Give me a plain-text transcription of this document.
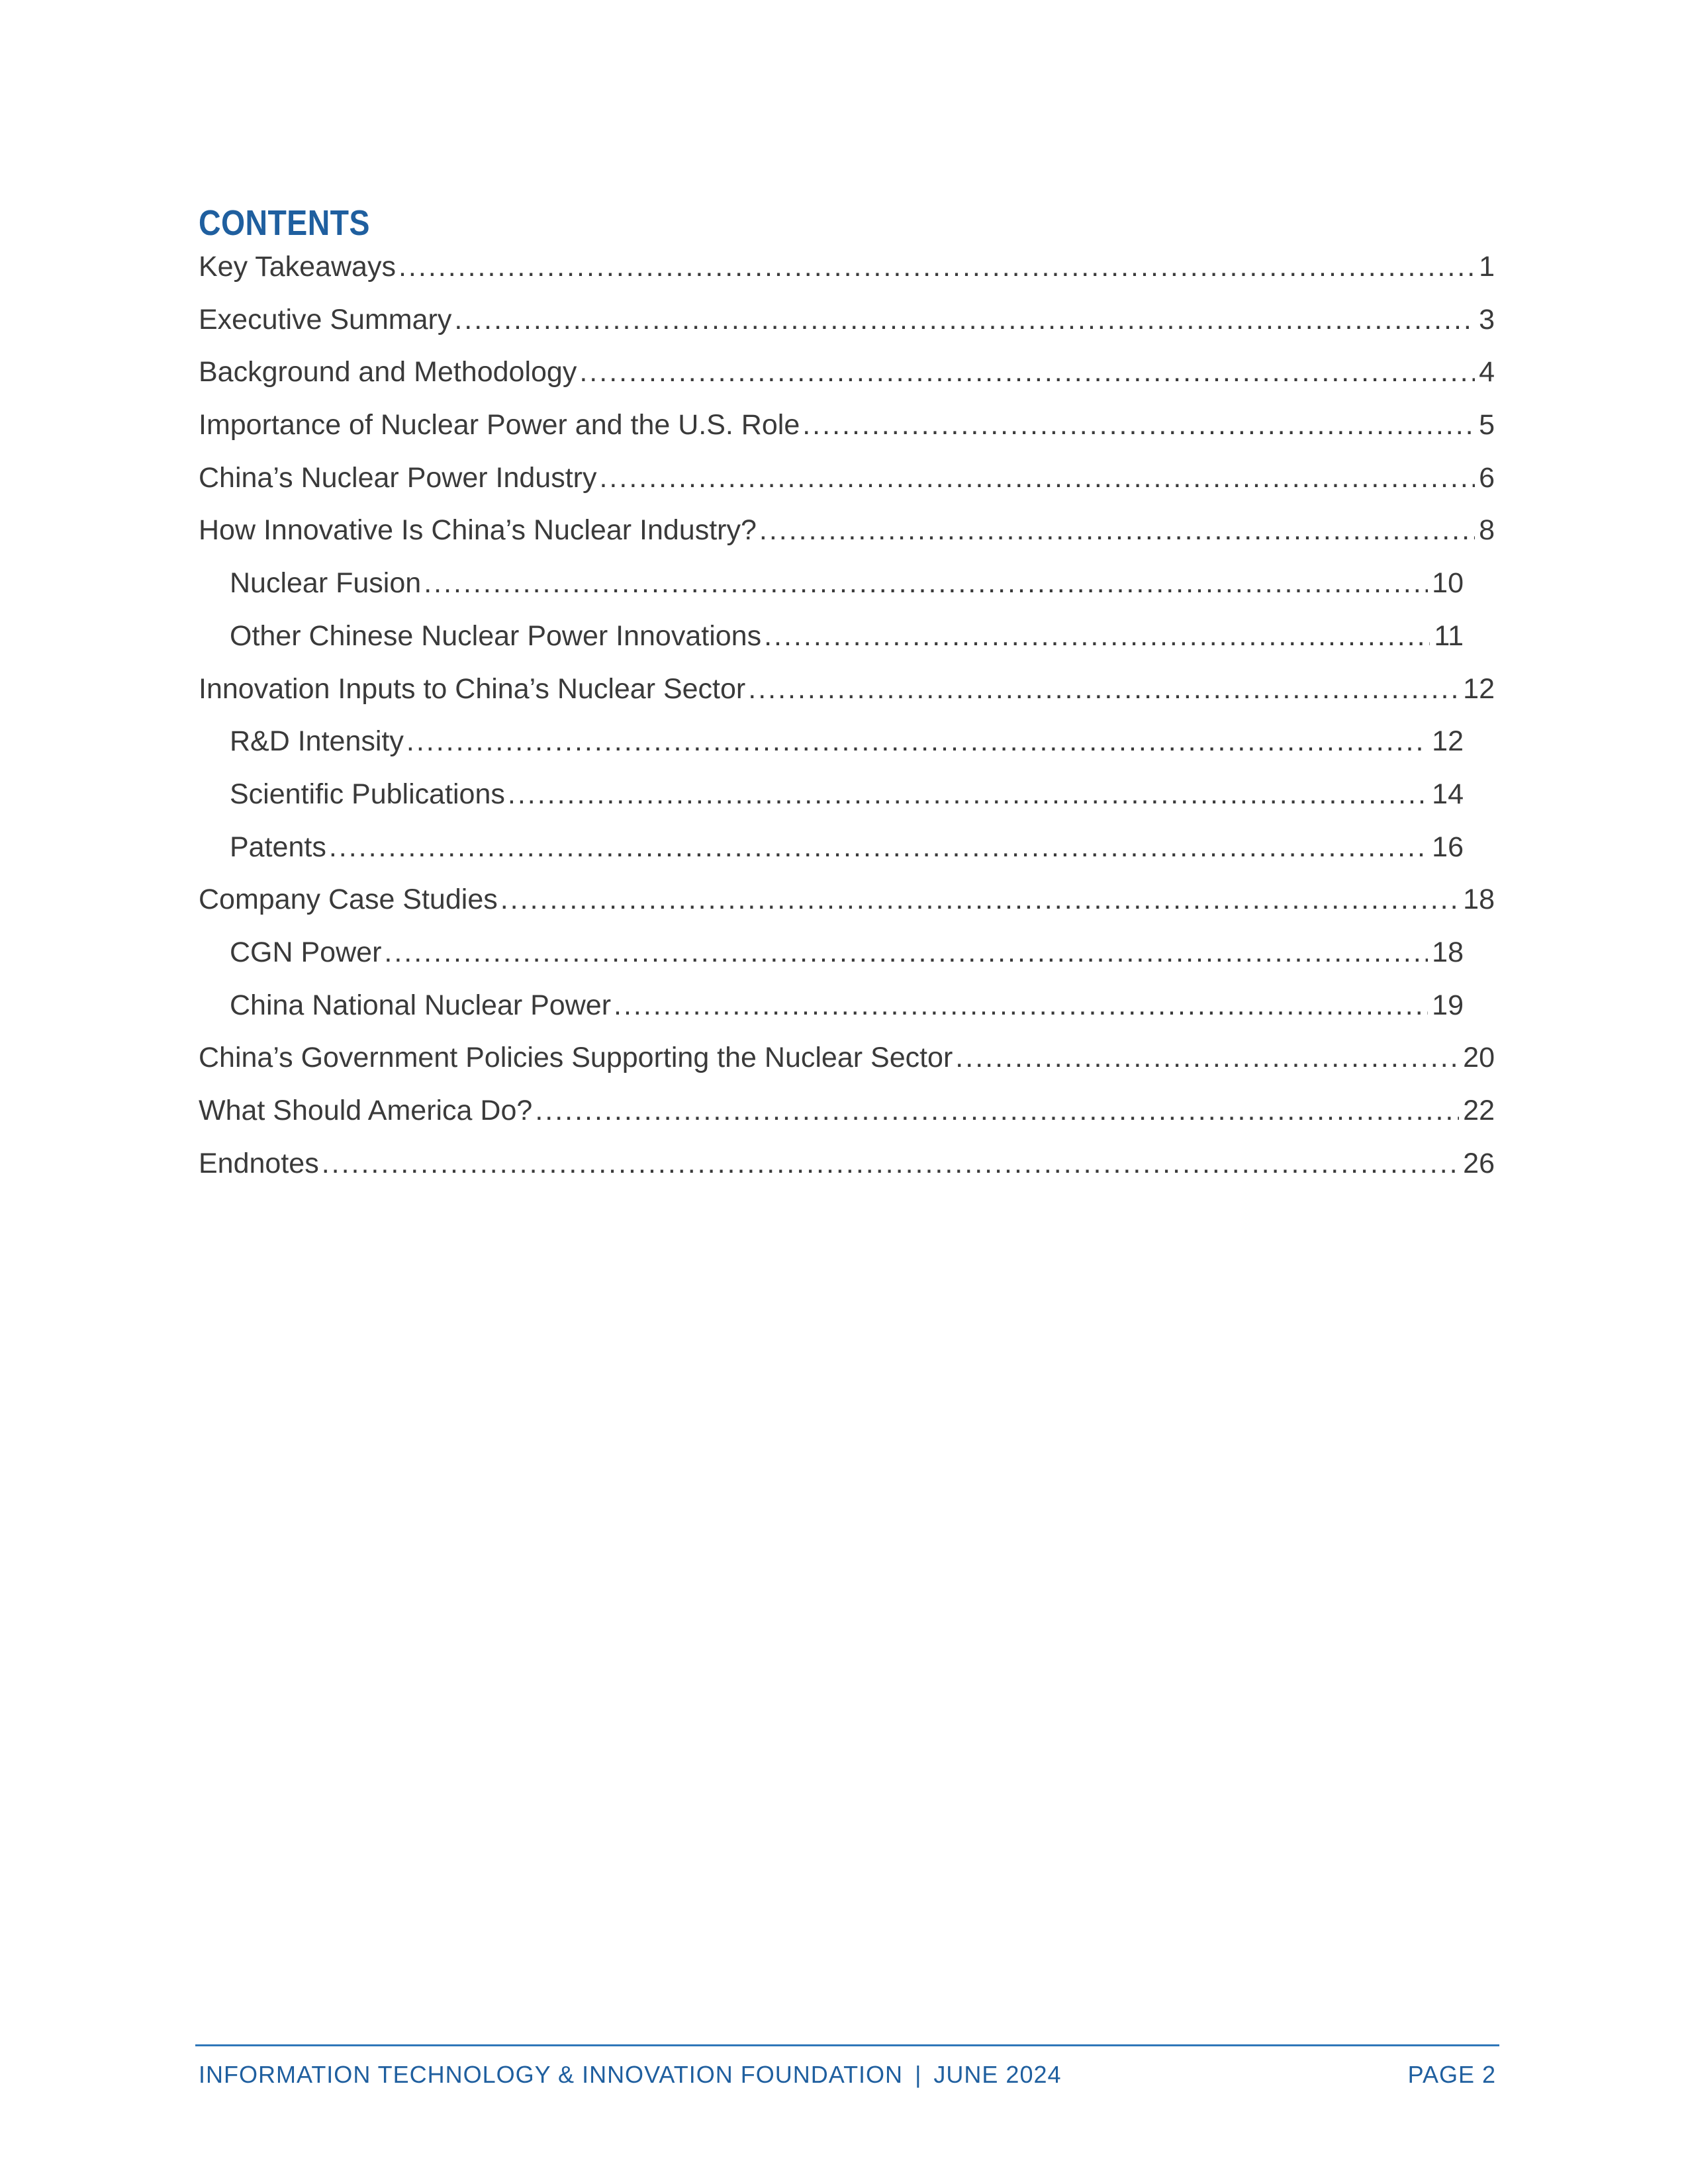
CONTENTS
Key Takeaways .....	1
Executive Summary .....	3
Background and Methodology .....	4
Importance of Nuclear Power and the U.S. Role .....	5
China’s Nuclear Power Industry .....	6
How Innovative Is China’s Nuclear Industry? .....	8
Nuclear Fusion .....	10
Other Chinese Nuclear Power Innovations .....	11
Innovation Inputs to China’s Nuclear Sector .....	12
R&D Intensity .....	12
Scientific Publications .....	14
Patents .....	16
Company Case Studies .....	18
CGN Power .....	18
China National Nuclear Power .....	19
China’s Government Policies Supporting the Nuclear Sector .....	20
What Should America Do? .....	22
Endnotes .....	26
INFORMATION TECHNOLOGY & INNOVATION FOUNDATION | JUNE 2024	PAGE 2
